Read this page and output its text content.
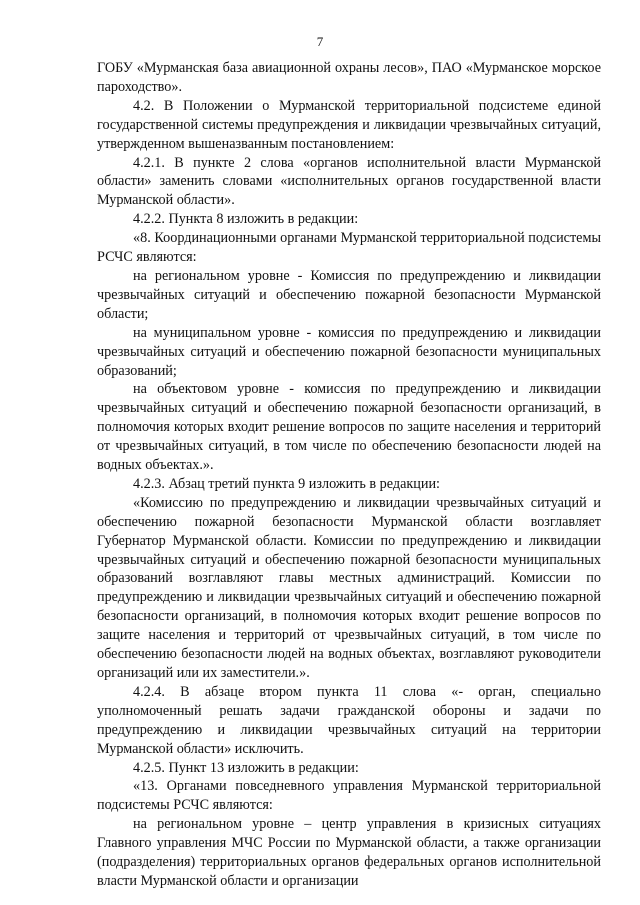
7

ГОБУ «Мурманская база авиационной охраны лесов», ПАО «Мурманское морское пароходство».

4.2. В Положении о Мурманской территориальной подсистеме единой государственной системы предупреждения и ликвидации чрезвычайных ситуаций, утвержденном вышеназванным постановлением:

4.2.1. В пункте 2 слова «органов исполнительной власти Мурманской области» заменить словами «исполнительных органов государственной власти Мурманской области».

4.2.2. Пункта 8 изложить в редакции:

«8. Координационными органами Мурманской территориальной подсистемы РСЧС являются:

на региональном уровне - Комиссия по предупреждению и ликвидации чрезвычайных ситуаций и обеспечению пожарной безопасности Мурманской области;

на муниципальном уровне - комиссия по предупреждению и ликвидации чрезвычайных ситуаций и обеспечению пожарной безопасности муниципальных образований;

на объектовом уровне - комиссия по предупреждению и ликвидации чрезвычайных ситуаций и обеспечению пожарной безопасности организаций, в полномочия которых входит решение вопросов по защите населения и территорий от чрезвычайных ситуаций, в том числе по обеспечению безопасности людей на водных объектах.».

4.2.3. Абзац третий пункта 9 изложить в редакции:

«Комиссию по предупреждению и ликвидации чрезвычайных ситуаций и обеспечению пожарной безопасности Мурманской области возглавляет Губернатор Мурманской области. Комиссии по предупреждению и ликвидации чрезвычайных ситуаций и обеспечению пожарной безопасности муниципальных образований возглавляют главы местных администраций. Комиссии по предупреждению и ликвидации чрезвычайных ситуаций и обеспечению пожарной безопасности организаций, в полномочия которых входит решение вопросов по защите населения и территорий от чрезвычайных ситуаций, в том числе по обеспечению безопасности людей на водных объектах, возглавляют руководители организаций или их заместители.».

4.2.4. В абзаце втором пункта 11 слова «- орган, специально уполномоченный решать задачи гражданской обороны и задачи по предупреждению и ликвидации чрезвычайных ситуаций на территории Мурманской области» исключить.

4.2.5. Пункт 13 изложить в редакции:

«13. Органами повседневного управления Мурманской территориальной подсистемы РСЧС являются:

на региональном уровне – центр управления в кризисных ситуациях Главного управления МЧС России по Мурманской области, а также организации (подразделения) территориальных органов федеральных органов исполнительной власти Мурманской области и организации
